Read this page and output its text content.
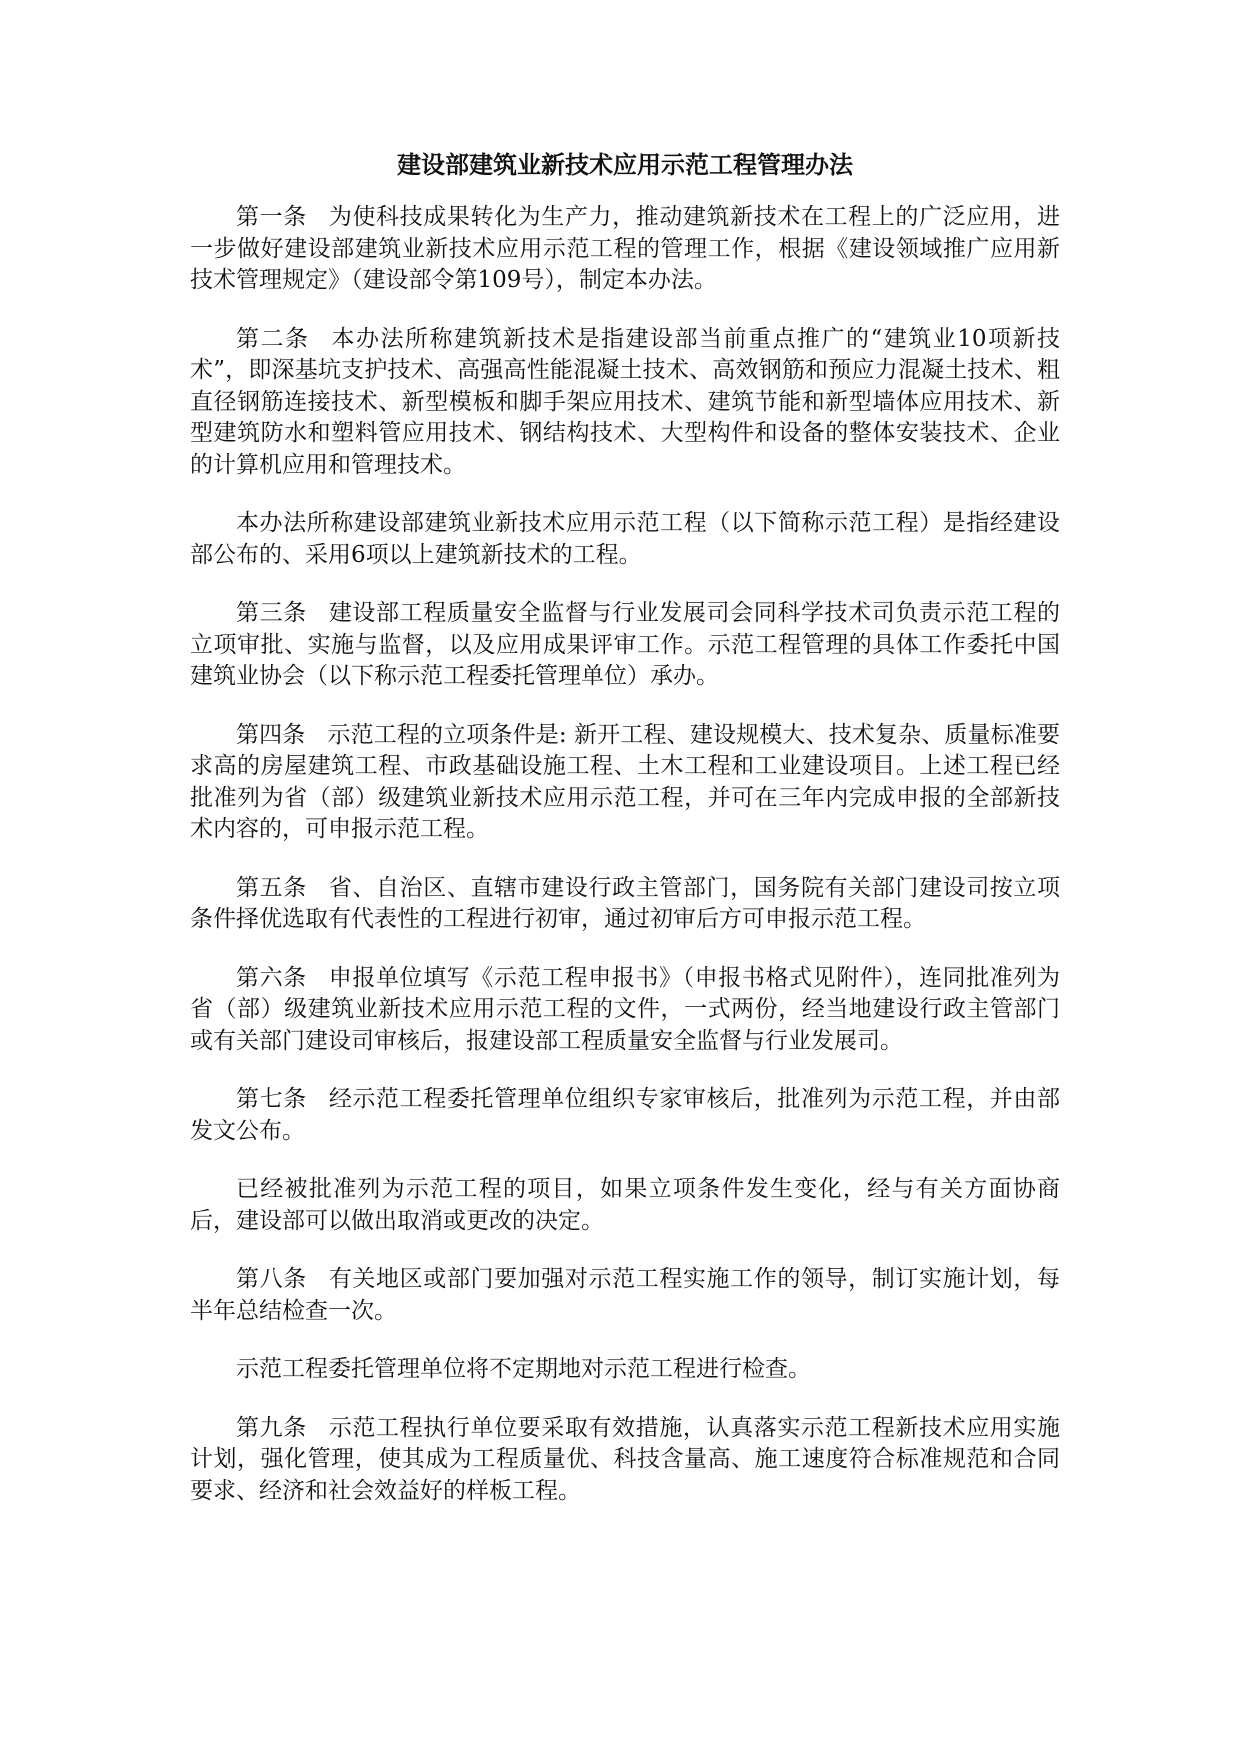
建设部建筑业新技术应用示范工程管理办法

第一条 为使科技成果转化为生产力，推动建筑新技术在工程上的广泛应用，进一步做好建设部建筑业新技术应用示范工程的管理工作，根据《建设领域推广应用新技术管理规定》（建设部令第109号），制定本办法。

第二条 本办法所称建筑新技术是指建设部当前重点推广的“建筑业10项新技术”，即深基坑支护技术、高强高性能混凝土技术、高效钢筋和预应力混凝土技术、粗直径钢筋连接技术、新型模板和脚手架应用技术、建筑节能和新型墙体应用技术、新型建筑防水和塑料管应用技术、钢结构技术、大型构件和设备的整体安装技术、企业的计算机应用和管理技术。

本办法所称建设部建筑业新技术应用示范工程（以下简称示范工程）是指经建设部公布的、采用6项以上建筑新技术的工程。

第三条 建设部工程质量安全监督与行业发展司会同科学技术司负责示范工程的立项审批、实施与监督，以及应用成果评审工作。示范工程管理的具体工作委托中国建筑业协会（以下称示范工程委托管理单位）承办。

第四条 示范工程的立项条件是: 新开工程、建设规模大、技术复杂、质量标准要求高的房屋建筑工程、市政基础设施工程、土木工程和工业建设项目。上述工程已经批准列为省（部）级建筑业新技术应用示范工程，并可在三年内完成申报的全部新技术内容的，可申报示范工程。

第五条 省、自治区、直辖市建设行政主管部门，国务院有关部门建设司按立项条件择优选取有代表性的工程进行初审，通过初审后方可申报示范工程。

第六条 申报单位填写《示范工程申报书》（申报书格式见附件），连同批准列为省（部）级建筑业新技术应用示范工程的文件，一式两份，经当地建设行政主管部门或有关部门建设司审核后，报建设部工程质量安全监督与行业发展司。

第七条 经示范工程委托管理单位组织专家审核后，批准列为示范工程，并由部发文公布。

已经被批准列为示范工程的项目，如果立项条件发生变化，经与有关方面协商后，建设部可以做出取消或更改的决定。

第八条 有关地区或部门要加强对示范工程实施工作的领导，制订实施计划，每半年总结检查一次。

示范工程委托管理单位将不定期地对示范工程进行检查。

第九条 示范工程执行单位要采取有效措施，认真落实示范工程新技术应用实施计划，强化管理，使其成为工程质量优、科技含量高、施工速度符合标准规范和合同要求、经济和社会效益好的样板工程。
